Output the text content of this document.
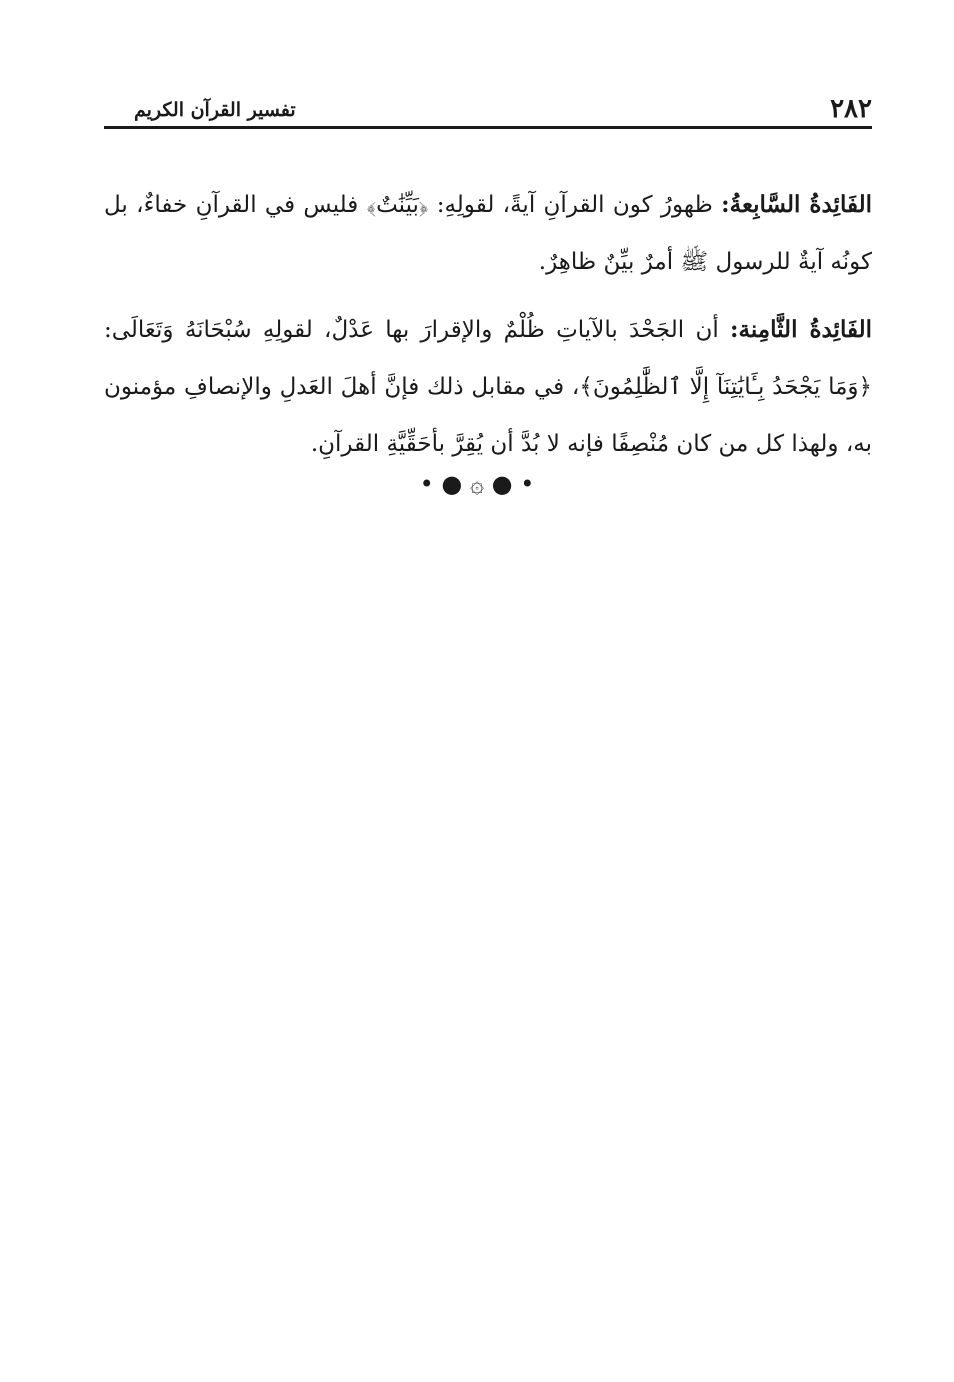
٢٨٢
تفسير القرآن الكريم

الفَائِدةُ السَّابِعةُ: ظهورُ كون القرآنِ آيةً، لقولِهِ: ﴿بَيِّنَٰتٌ﴾ فليس في القرآنِ خفاءٌ، بل كونُه آيةٌ للرسول ﷺ أمرٌ بيِّنٌ ظاهِرٌ.

الفَائِدةُ الثَّامِنة: أن الجَحْدَ بالآياتِ ظُلْمٌ والإقرارَ بها عَدْلٌ، لقولِهِ سُبْحَانَهُ وَتَعَالَى: ﴿وَمَا يَجْحَدُ بِـَٔايَٰتِنَآ إِلَّا ٱلظَّٰلِمُونَ﴾، في مقابل ذلك فإنَّ أهلَ العَدلِ والإنصافِ مؤمنون به، ولهذا كل من كان مُنْصِفًا فإنه لا بُدَّ أن يُقِرَّ بأحَقِّيَّةِ القرآنِ.

• ● ۞ ● •
